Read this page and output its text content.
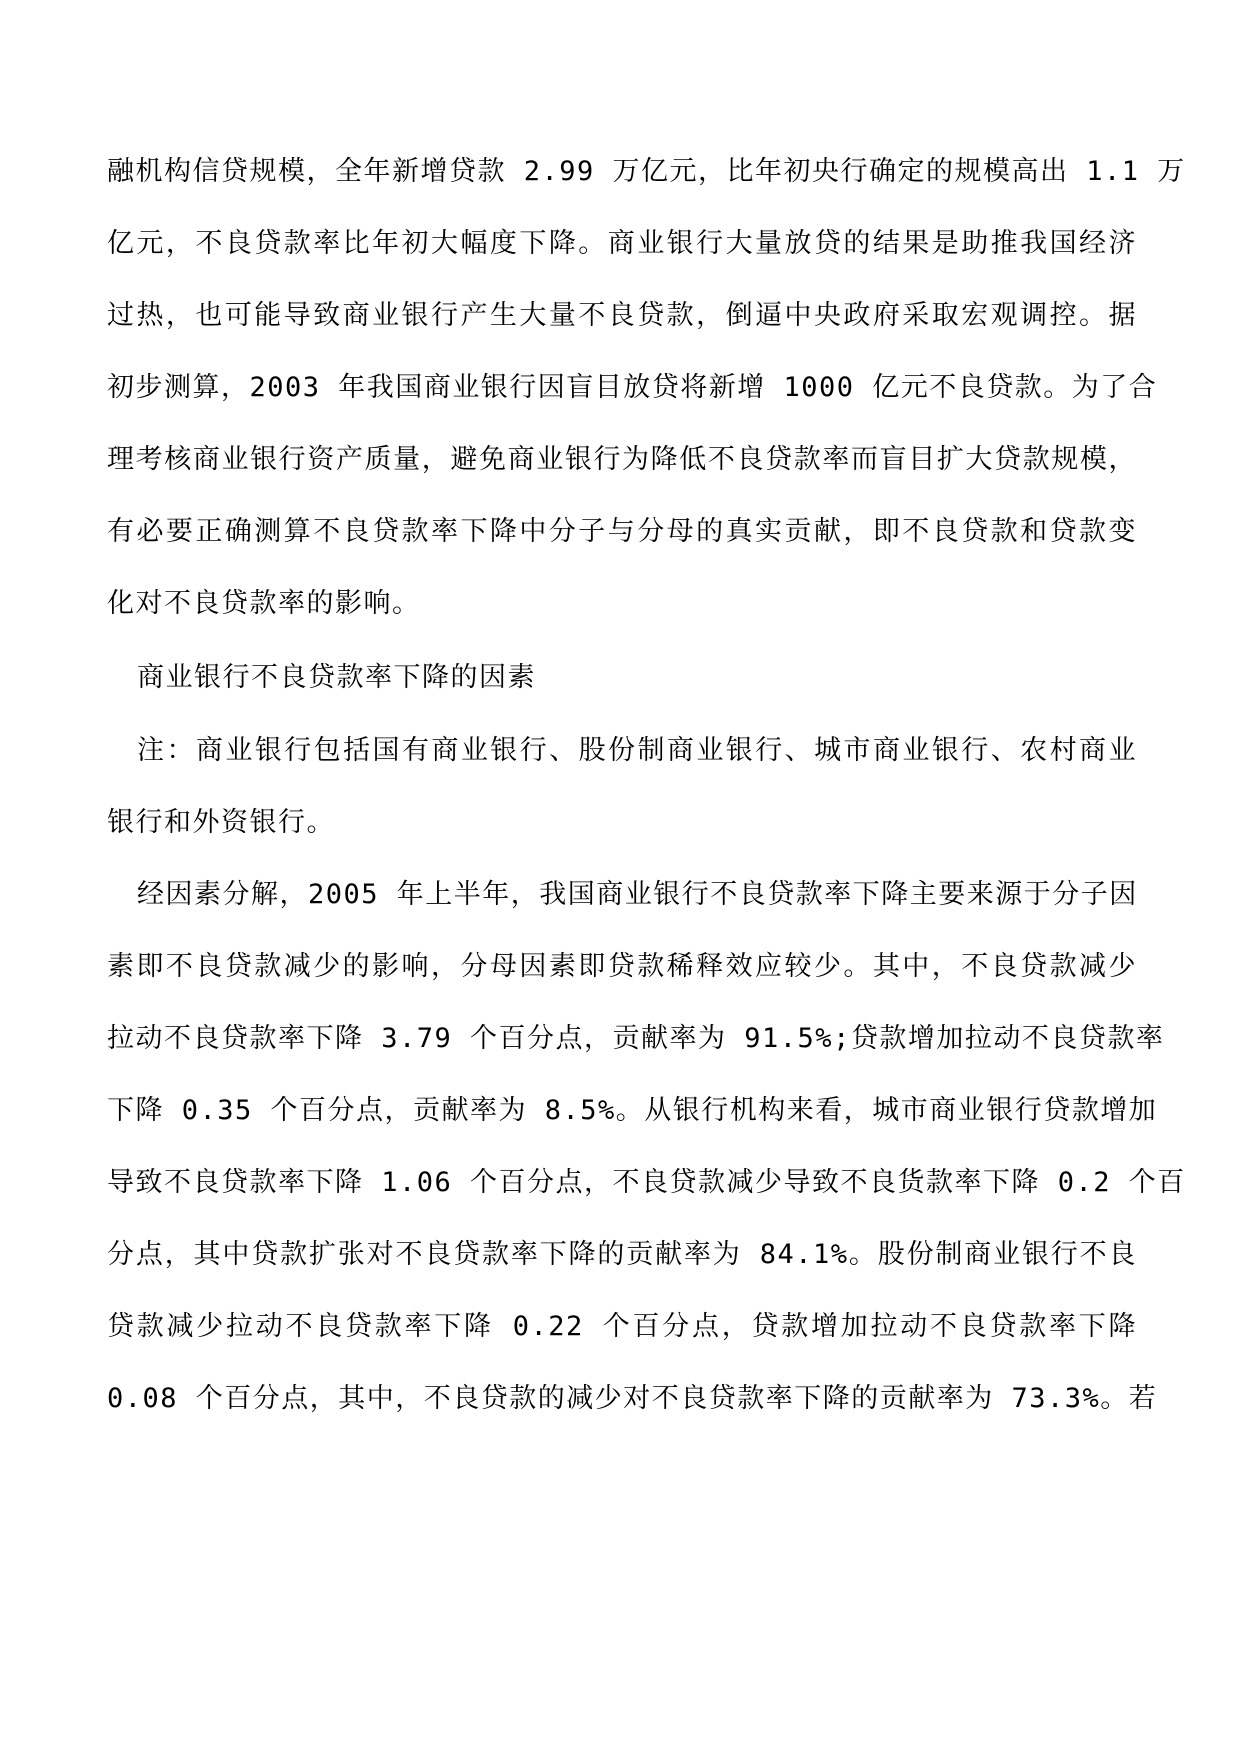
融机构信贷规模，全年新增贷款 2.99 万亿元，比年初央行确定的规模高出 1.1 万
亿元，不良贷款率比年初大幅度下降。商业银行大量放贷的结果是助推我国经济
过热，也可能导致商业银行产生大量不良贷款，倒逼中央政府采取宏观调控。据
初步测算，2003 年我国商业银行因盲目放贷将新增 1000 亿元不良贷款。为了合
理考核商业银行资产质量，避免商业银行为降低不良贷款率而盲目扩大贷款规模，
有必要正确测算不良贷款率下降中分子与分母的真实贡献，即不良贷款和贷款变
化对不良贷款率的影响。
商业银行不良贷款率下降的因素
注：商业银行包括国有商业银行、股份制商业银行、城市商业银行、农村商业
银行和外资银行。
经因素分解，2005 年上半年，我国商业银行不良贷款率下降主要来源于分子因
素即不良贷款减少的影响，分母因素即贷款稀释效应较少。其中，不良贷款减少
拉动不良贷款率下降 3.79 个百分点，贡献率为 91.5%;贷款增加拉动不良贷款率
下降 0.35 个百分点，贡献率为 8.5%。从银行机构来看，城市商业银行贷款增加
导致不良贷款率下降 1.06 个百分点，不良贷款减少导致不良货款率下降 0.2 个百
分点，其中贷款扩张对不良贷款率下降的贡献率为 84.1%。股份制商业银行不良
贷款减少拉动不良贷款率下降 0.22 个百分点，贷款增加拉动不良贷款率下降
0.08 个百分点，其中，不良贷款的减少对不良贷款率下降的贡献率为 73.3%。若
